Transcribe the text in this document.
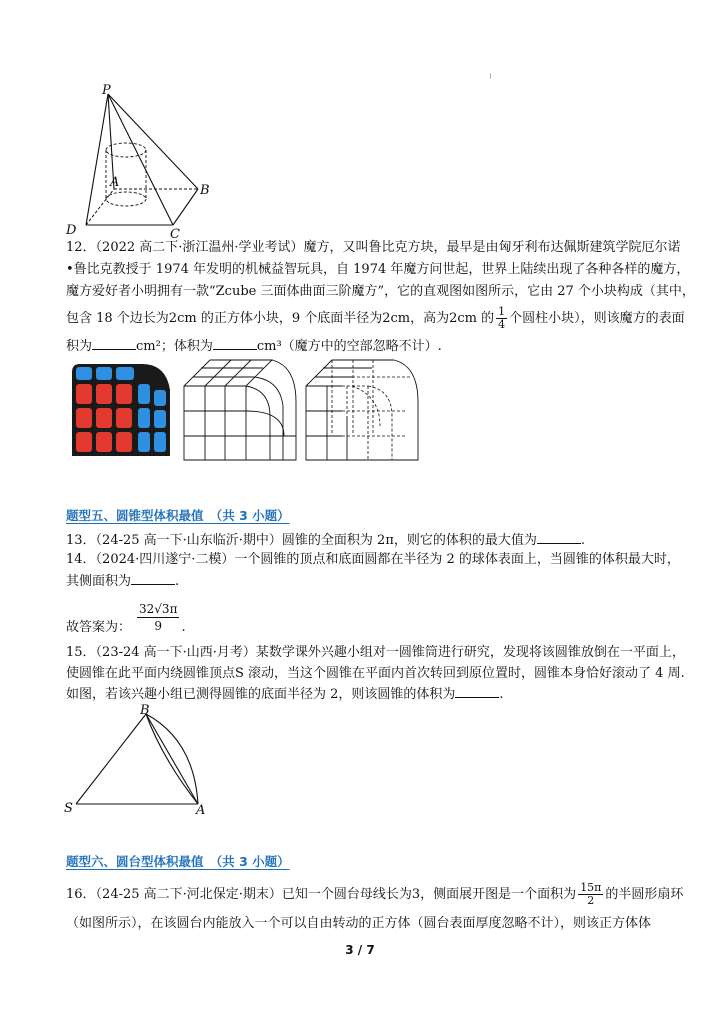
P
A
B
C
D
12．（2022 高二下·浙江温州·学业考试）魔方，又叫鲁比克方块，最早是由匈牙利布达佩斯建筑学院厄尔诺
•鲁比克教授于 1974 年发明的机械益智玩具，自 1974 年魔方问世起，世界上陆续出现了各种各样的魔方，
魔方爱好者小明拥有一款“Zcube 三面体曲面三阶魔方”，它的直观图如图所示，它由 27 个小块构成（其中，
包含 18 个边长为2cm 的正方体小块，9 个底面半径为2cm，高为2cm 的 $\frac{1}{4}$ 个圆柱小块），则该魔方的表面
积为	cm²；体积为	cm³（魔方中的空部忽略不计）.
题型五、圆锥型体积最值　（共 3 小题）
13．（24-25 高一下·山东临沂·期中）圆锥的全面积为 2π，则它的体积的最大值为	.
14．（2024·四川遂宁·二模）一个圆锥的顶点和底面圆都在半径为 2 的球体表面上，当圆锥的体积最大时，
其侧面积为	.
故答案为： $\frac{32√3\pi}{9}$ .
15．（23-24 高一下·山西·月考）某数学课外兴趣小组对一圆锥筒进行研究，发现将该圆锥放倒在一平面上，
使圆锥在此平面内绕圆锥顶点S 滚动，当这个圆锥在平面内首次转回到原位置时，圆锥本身恰好滚动了 4 周.
如图，若该兴趣小组已测得圆锥的底面半径为 2，则该圆锥的体积为	.
B
S	A
题型六、圆台型体积最值　（共 3 小题）
16．（24-25 高二下·河北保定·期末）已知一个圆台母线长为3，侧面展开图是一个面积为 $\frac{15\pi}{2}$ 的半圆形扇环
（如图所示），在该圆台内能放入一个可以自由转动的正方体（圆台表面厚度忽略不计），则该正方体体
3 / 7
